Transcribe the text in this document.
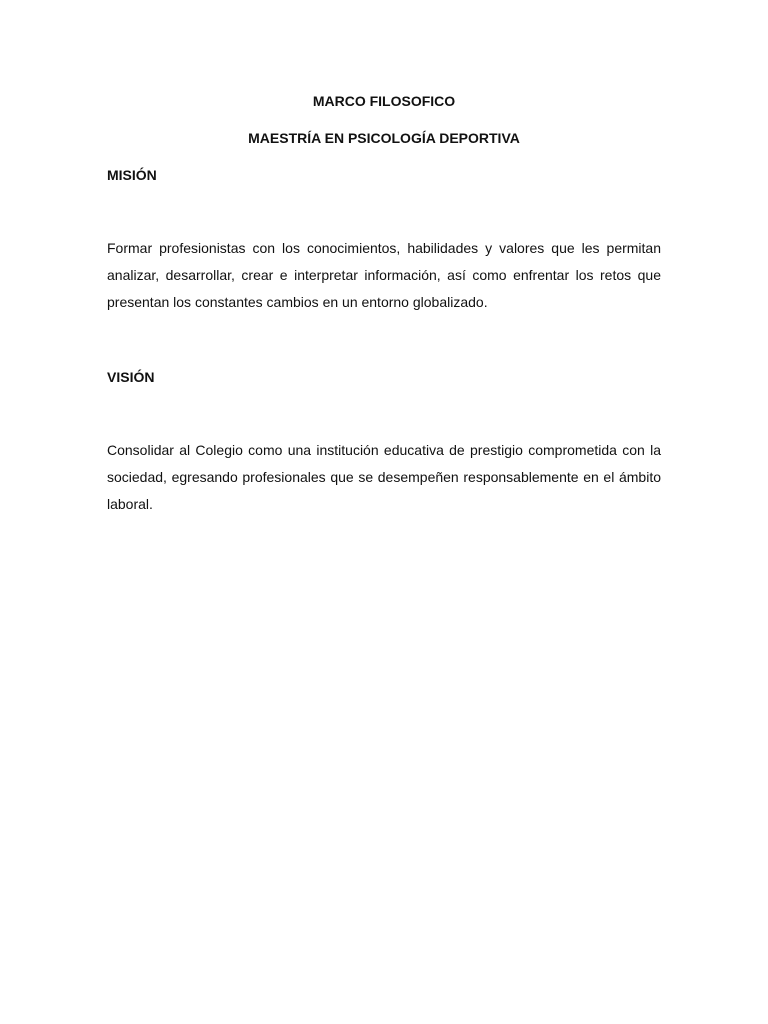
MARCO FILOSOFICO
MAESTRÍA EN PSICOLOGÍA DEPORTIVA
MISIÓN

Formar profesionistas con los conocimientos, habilidades y valores que les permitan analizar, desarrollar, crear e interpretar información, así como enfrentar los retos que presentan los constantes cambios en un entorno globalizado.

VISIÓN

Consolidar al Colegio como una institución educativa de prestigio comprometida con la sociedad, egresando profesionales que se desempeñen responsablemente en el ámbito laboral.
